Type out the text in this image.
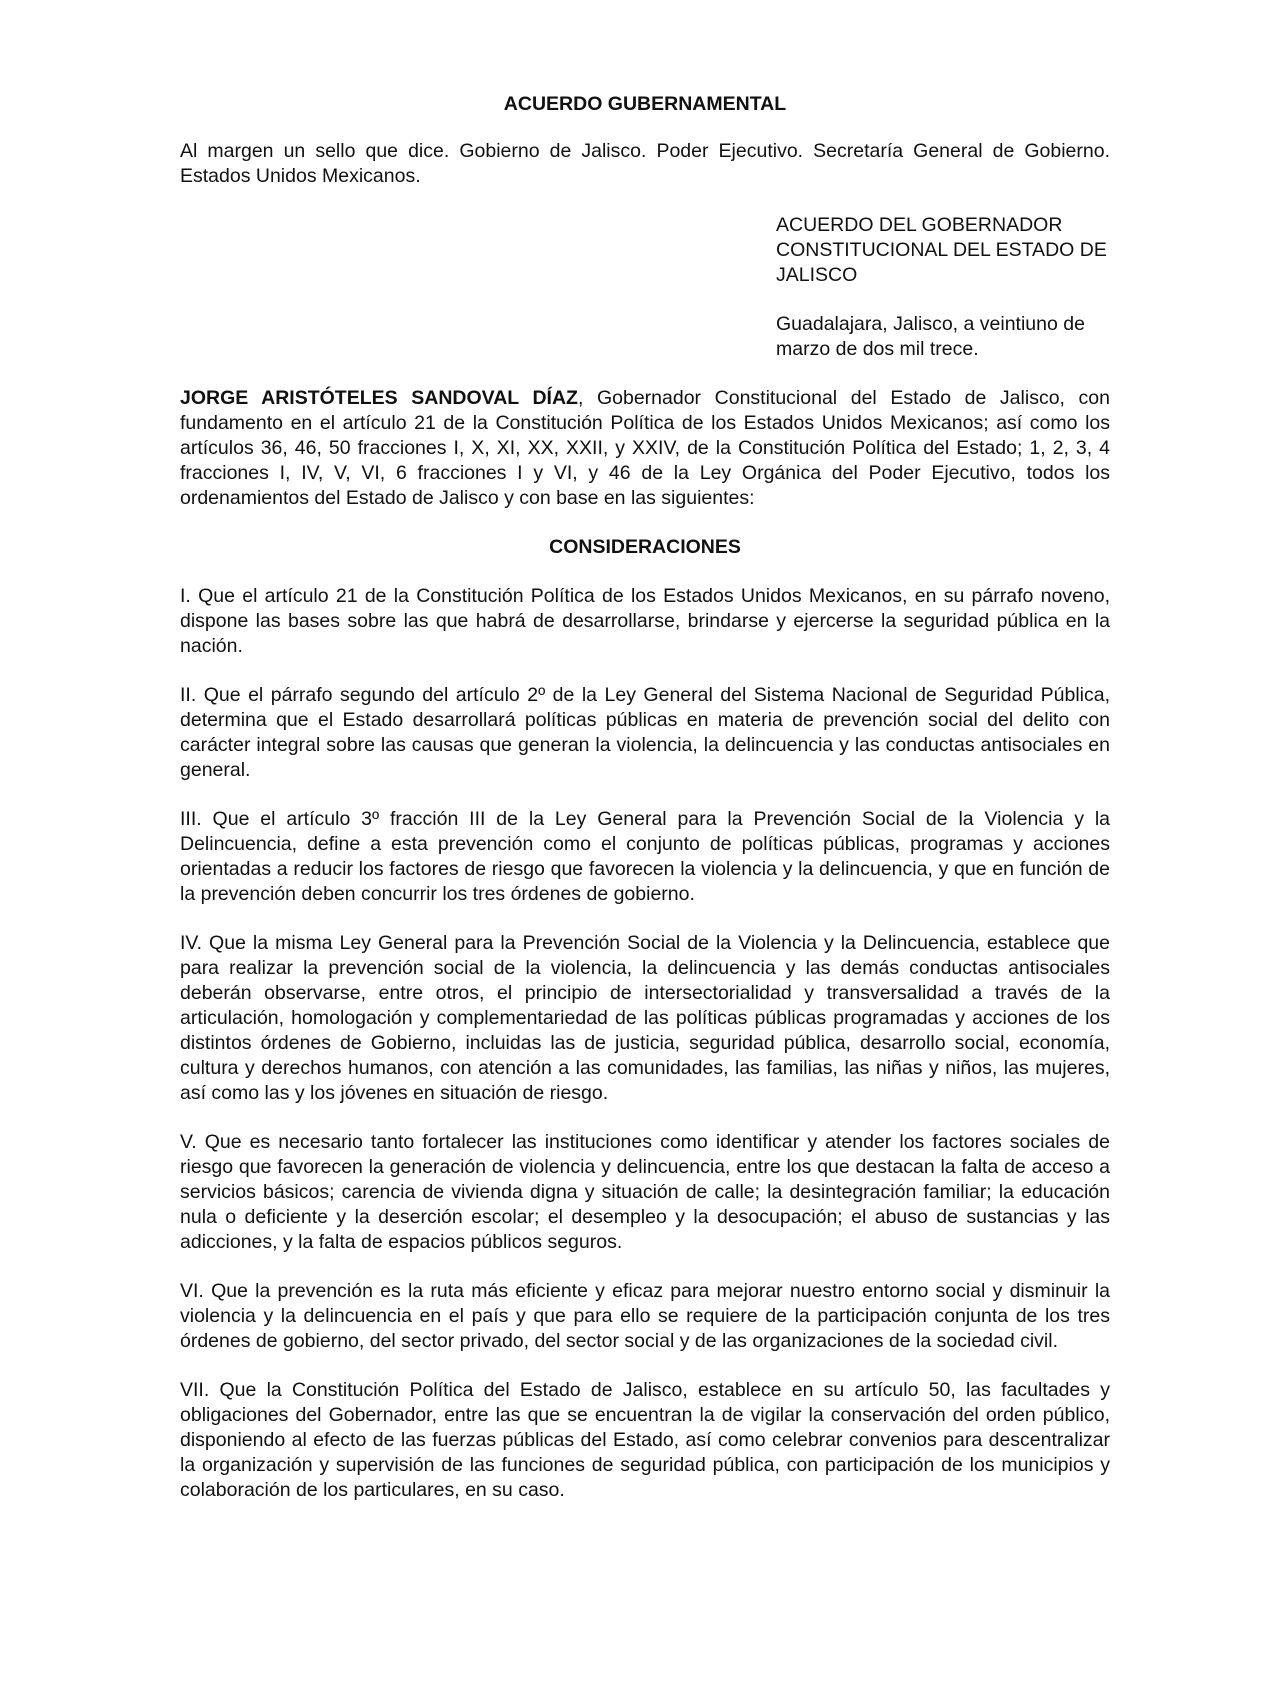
ACUERDO GUBERNAMENTAL

Al margen un sello que dice. Gobierno de Jalisco. Poder Ejecutivo. Secretaría General de Gobierno. Estados Unidos Mexicanos.

ACUERDO DEL GOBERNADOR CONSTITUCIONAL DEL ESTADO DE JALISCO
Guadalajara, Jalisco, a veintiuno de marzo de dos mil trece.

JORGE ARISTÓTELES SANDOVAL DÍAZ, Gobernador Constitucional del Estado de Jalisco, con fundamento en el artículo 21 de la Constitución Política de los Estados Unidos Mexicanos; así como los artículos 36, 46, 50 fracciones I, X, XI, XX, XXII, y XXIV, de la Constitución Política del Estado; 1, 2, 3, 4 fracciones I, IV, V, VI, 6 fracciones I y VI, y 46 de la Ley Orgánica del Poder Ejecutivo, todos los ordenamientos del Estado de Jalisco y con base en las siguientes:

CONSIDERACIONES

I. Que el artículo 21 de la Constitución Política de los Estados Unidos Mexicanos, en su párrafo noveno, dispone las bases sobre las que habrá de desarrollarse, brindarse y ejercerse la seguridad pública en la nación.

II. Que el párrafo segundo del artículo 2º de la Ley General del Sistema Nacional de Seguridad Pública, determina que el Estado desarrollará políticas públicas en materia de prevención social del delito con carácter integral sobre las causas que generan la violencia, la delincuencia y las conductas antisociales en general.

III. Que el artículo 3º fracción III de la Ley General para la Prevención Social de la Violencia y la Delincuencia, define a esta prevención como el conjunto de políticas públicas, programas y acciones orientadas a reducir los factores de riesgo que favorecen la violencia y la delincuencia, y que en función de la prevención deben concurrir los tres órdenes de gobierno.

IV. Que la misma Ley General para la Prevención Social de la Violencia y la Delincuencia, establece que para realizar la prevención social de la violencia, la delincuencia y las demás conductas antisociales deberán observarse, entre otros, el principio de intersectorialidad y transversalidad a través de la articulación, homologación y complementariedad de las políticas públicas programadas y acciones de los distintos órdenes de Gobierno, incluidas las de justicia, seguridad pública, desarrollo social, economía, cultura y derechos humanos, con atención a las comunidades, las familias, las niñas y niños, las mujeres, así como las y los jóvenes en situación de riesgo.

V. Que es necesario tanto fortalecer las instituciones como identificar y atender los factores sociales de riesgo que favorecen la generación de violencia y delincuencia, entre los que destacan la falta de acceso a servicios básicos; carencia de vivienda digna y situación de calle; la desintegración familiar; la educación nula o deficiente y la deserción escolar; el desempleo y la desocupación; el abuso de sustancias y las adicciones, y la falta de espacios públicos seguros.

VI. Que la prevención es la ruta más eficiente y eficaz para mejorar nuestro entorno social y disminuir la violencia y la delincuencia en el país y que para ello se requiere de la participación conjunta de los tres órdenes de gobierno, del sector privado, del sector social y de las organizaciones de la sociedad civil.

VII. Que la Constitución Política del Estado de Jalisco, establece en su artículo 50, las facultades y obligaciones del Gobernador, entre las que se encuentran la de vigilar la conservación del orden público, disponiendo al efecto de las fuerzas públicas del Estado, así como celebrar convenios para descentralizar la organización y supervisión de las funciones de seguridad pública, con participación de los municipios y colaboración de los particulares, en su caso.
